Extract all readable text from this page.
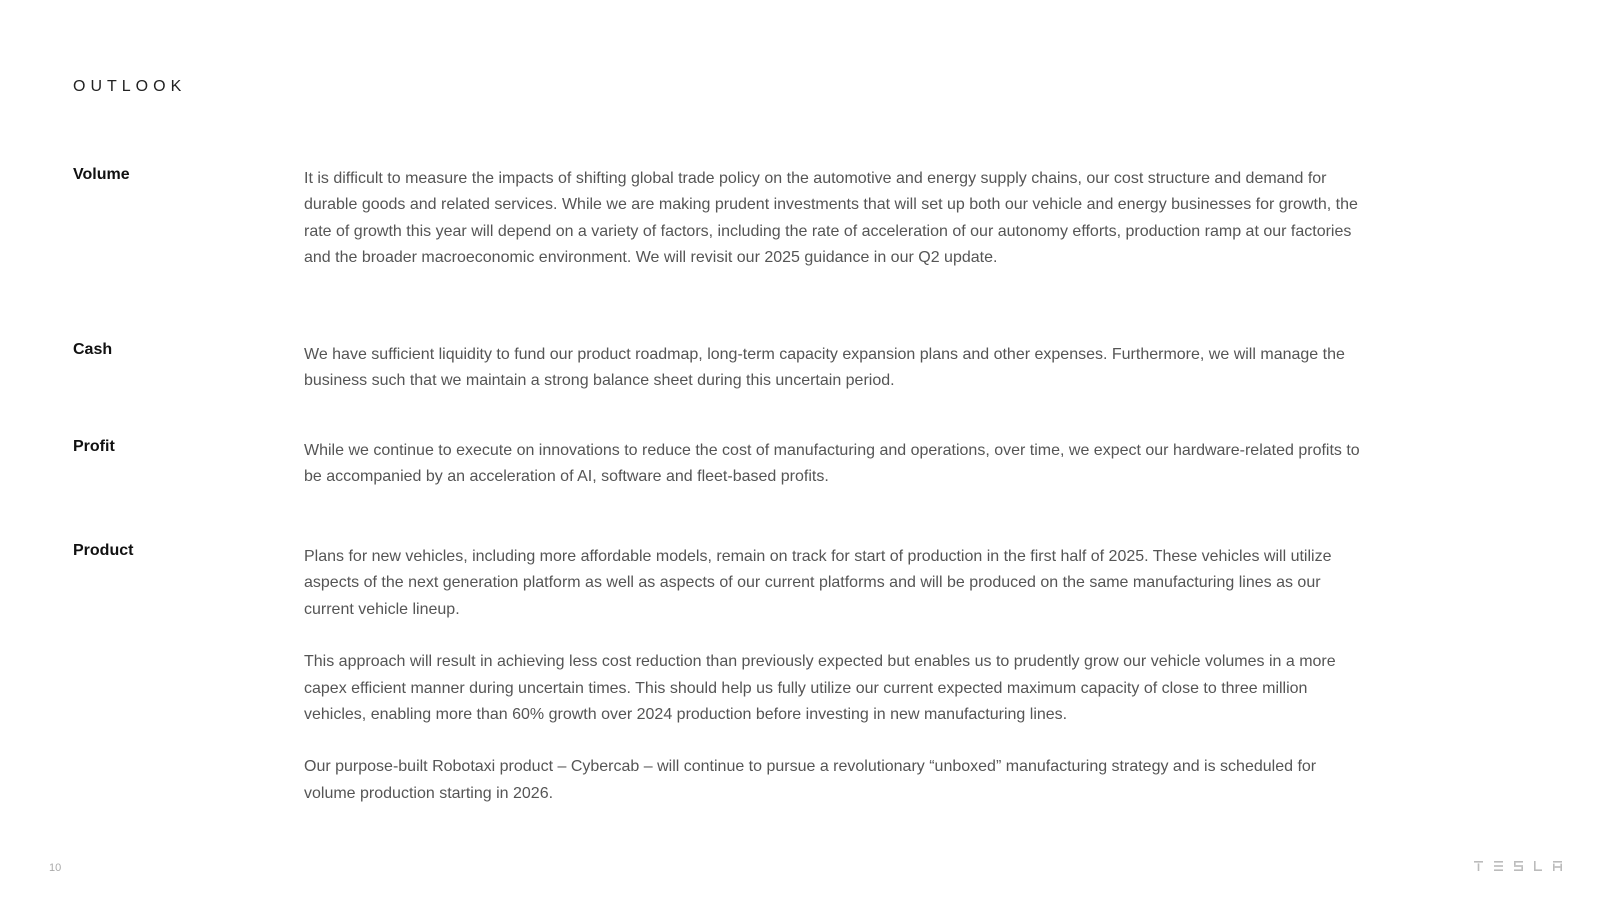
OUTLOOK
Volume	It is difficult to measure the impacts of shifting global trade policy on the automotive and energy supply chains, our cost structure and demand for durable goods and related services. While we are making prudent investments that will set up both our vehicle and energy businesses for growth, the rate of growth this year will depend on a variety of factors, including the rate of acceleration of our autonomy efforts, production ramp at our factories and the broader macroeconomic environment. We will revisit our 2025 guidance in our Q2 update.

Cash	We have sufficient liquidity to fund our product roadmap, long-term capacity expansion plans and other expenses. Furthermore, we will manage the business such that we maintain a strong balance sheet during this uncertain period.

Profit	While we continue to execute on innovations to reduce the cost of manufacturing and operations, over time, we expect our hardware-related profits to be accompanied by an acceleration of AI, software and fleet-based profits.

Product	Plans for new vehicles, including more affordable models, remain on track for start of production in the first half of 2025. These vehicles will utilize aspects of the next generation platform as well as aspects of our current platforms and will be produced on the same manufacturing lines as our current vehicle lineup.

This approach will result in achieving less cost reduction than previously expected but enables us to prudently grow our vehicle volumes in a more capex efficient manner during uncertain times. This should help us fully utilize our current expected maximum capacity of close to three million vehicles, enabling more than 60% growth over 2024 production before investing in new manufacturing lines.

Our purpose-built Robotaxi product – Cybercab – will continue to pursue a revolutionary “unboxed” manufacturing strategy and is scheduled for volume production starting in 2026.

10
